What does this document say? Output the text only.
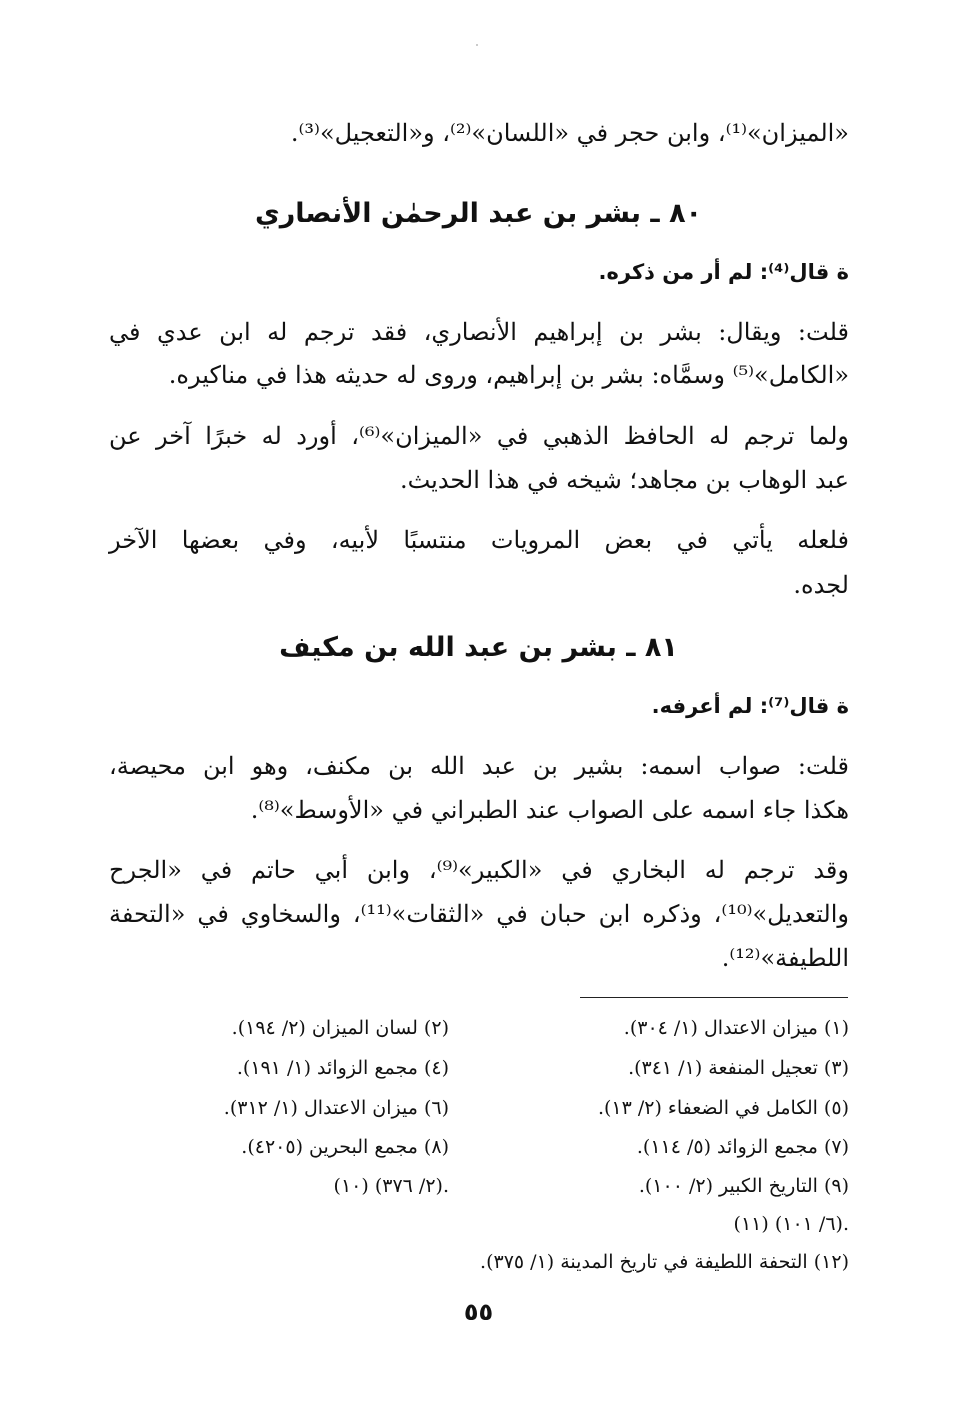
«الميزان»⁽¹⁾، وابن حجر في «اللسان»⁽²⁾، و«التعجيل»⁽³⁾.
٨٠ ـ بشر بن عبد الرحمٰن الأنصاري
ة قال⁽⁴⁾: لم أر من ذكره.
قلت: ويقال: بشر بن إبراهيم الأنصاري، فقد ترجم له ابن عدي في
«الكامل»⁽⁵⁾ وسمَّاه: بشر بن إبراهيم، وروى له حديثه هذا في مناكيره.
ولما ترجم له الحافظ الذهبي في «الميزان»⁽⁶⁾، أورد له خبرًا آخر عن
عبد الوهاب بن مجاهد؛ شيخه في هذا الحديث.
فلعله يأتي في بعض المرويات منتسبًا لأبيه، وفي بعضها الآخر
لجده.
٨١ ـ بشر بن عبد الله بن مكيف
ة قال⁽⁷⁾: لم أعرفه.
قلت: صواب اسمه: بشير بن عبد الله بن مكنف، وهو ابن محيصة،
هكذا جاء اسمه على الصواب عند الطبراني في «الأوسط»⁽⁸⁾.
وقد ترجم له البخاري في «الكبير»⁽⁹⁾، وابن أبي حاتم في «الجرح
والتعديل»⁽¹⁰⁾، وذكره ابن حبان في «الثقات»⁽¹¹⁾، والسخاوي في «التحفة
اللطيفة»⁽¹²⁾.
(١) ميزان الاعتدال (١/ ٣٠٤).
(٢) لسان الميزان (٢/ ١٩٤).
(٣) تعجيل المنفعة (١/ ٣٤١).
(٤) مجمع الزوائد (١/ ١٩١).
(٥) الكامل في الضعفاء (٢/ ١٣).
(٦) ميزان الاعتدال (١/ ٣١٢).
(٧) مجمع الزوائد (٥/ ١١٤).
(٨) مجمع البحرين (٤٢٠٥).
(٩) التاريخ الكبير (٢/ ١٠٠).
(١٠) (٢/ ٣٧٦).
(١١) (٦/ ١٠١).
(١٢) التحفة اللطيفة في تاريخ المدينة (١/ ٣٧٥).
٥٥
